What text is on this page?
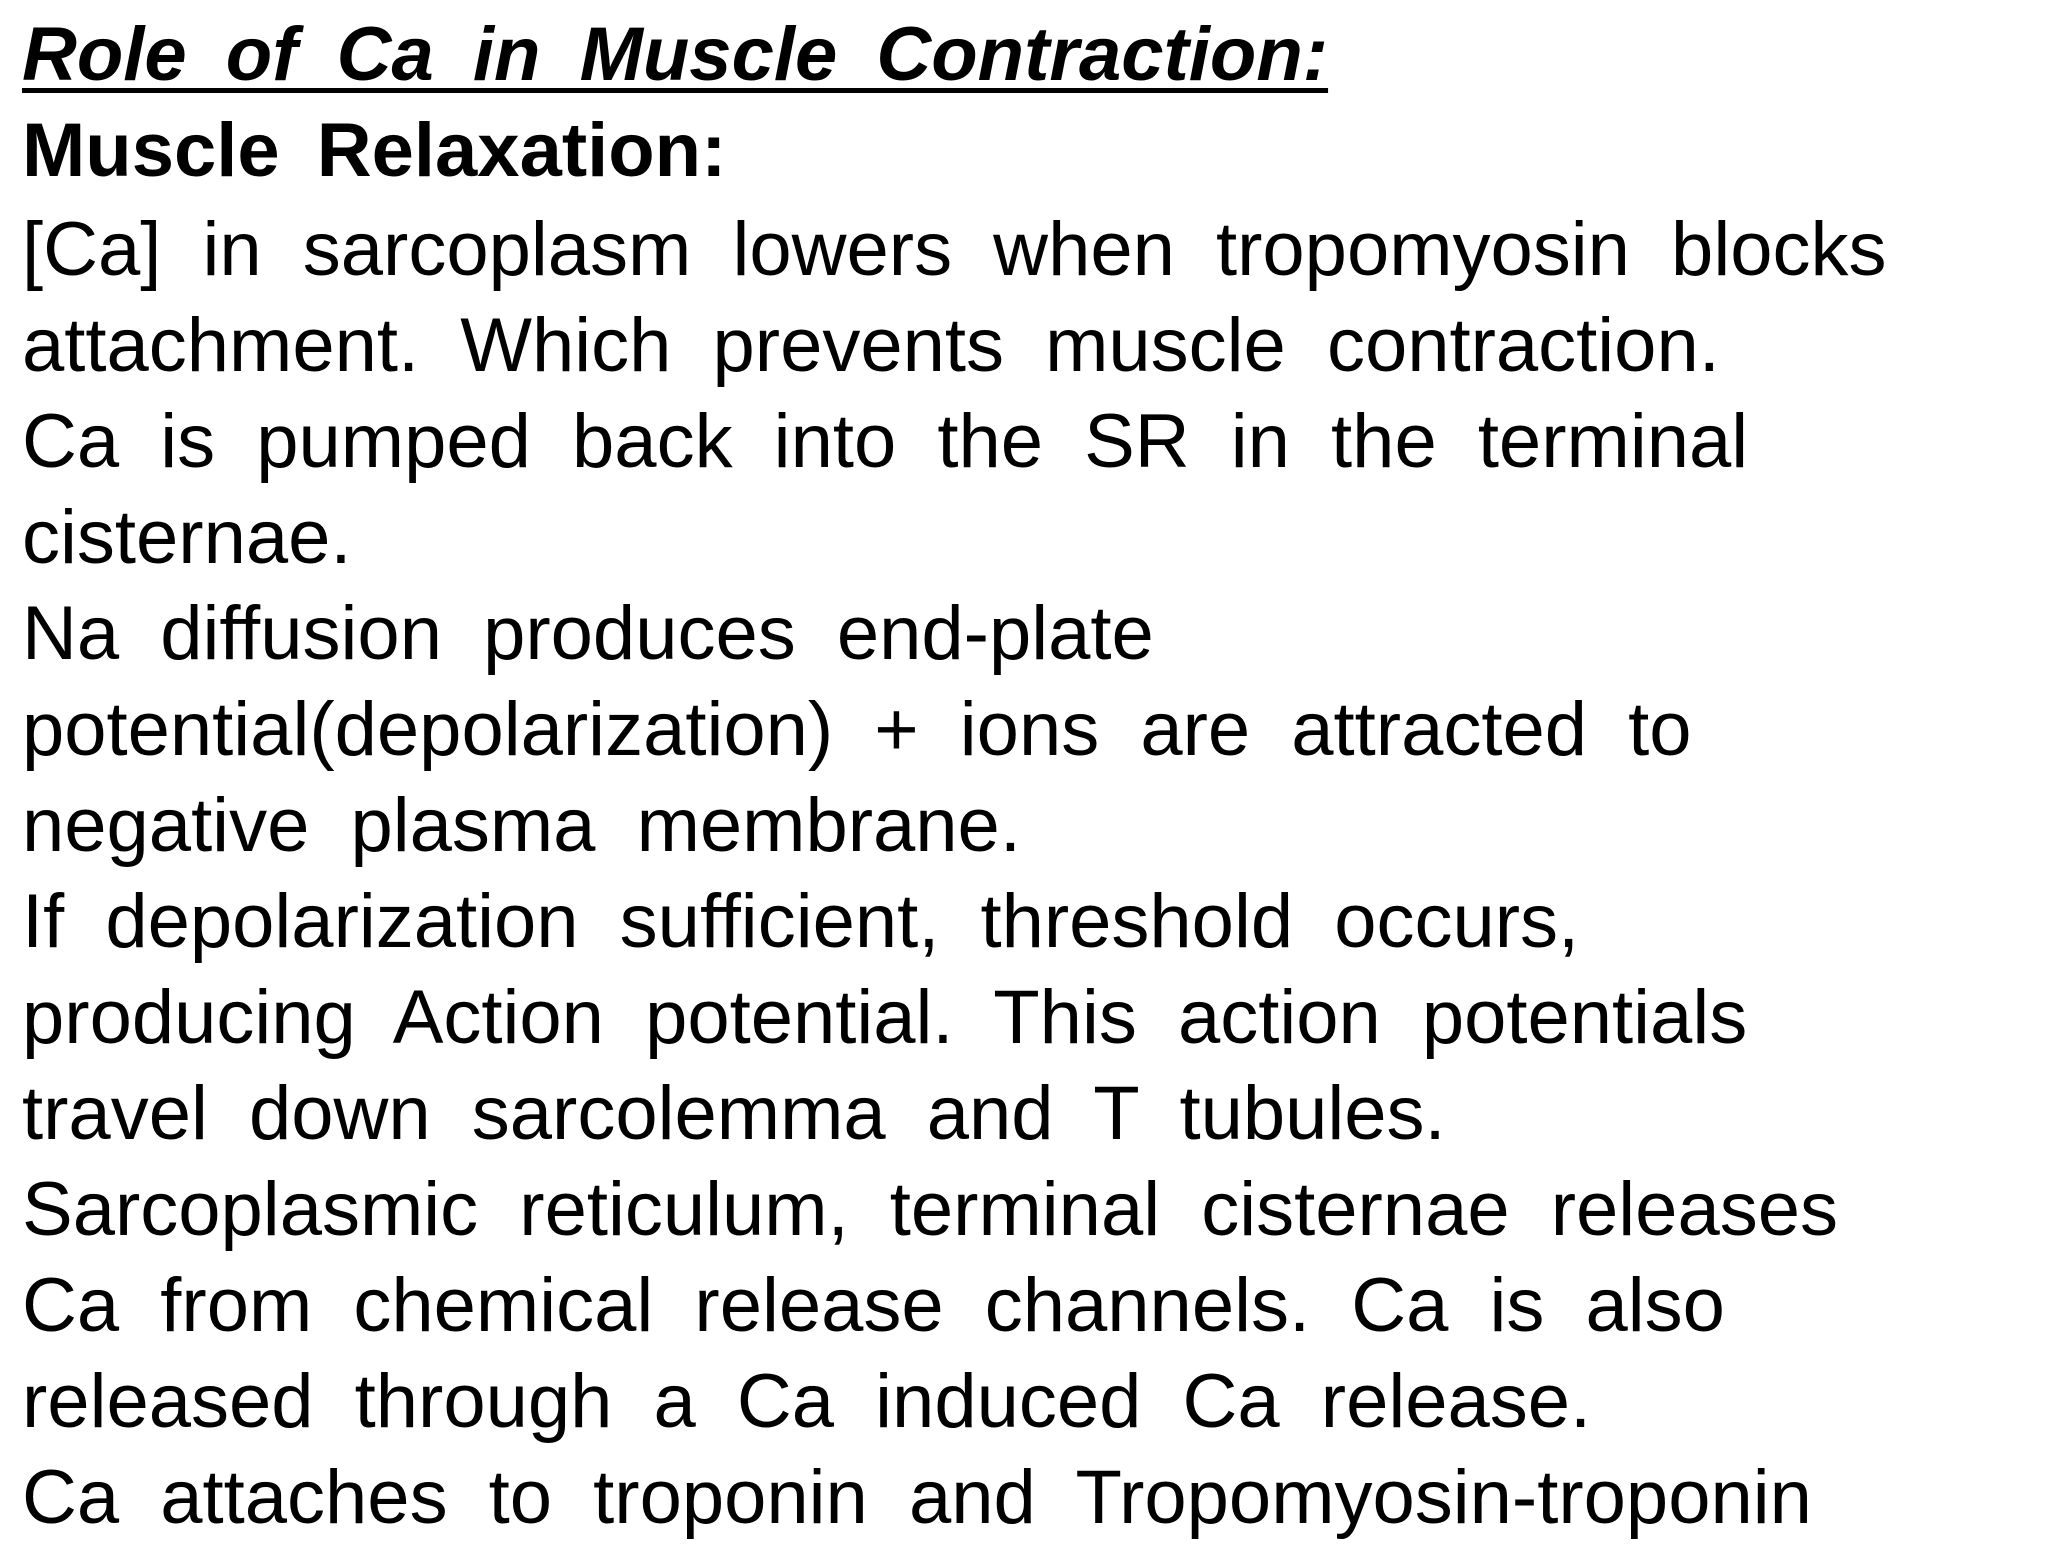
Role of Ca in Muscle Contraction:
Muscle Relaxation:
[Ca] in sarcoplasm lowers when tropomyosin blocks
attachment. Which prevents muscle contraction.
Ca is pumped back into the SR in the terminal
cisternae.
Na diffusion produces end-plate
potential(depolarization) + ions are attracted to
negative plasma membrane.
If depolarization sufficient, threshold occurs,
producing Action potential. This action potentials
travel down sarcolemma and T tubules.
Sarcoplasmic reticulum, terminal cisternae releases
Ca from chemical release channels. Ca is also
released through a Ca induced Ca release.
Ca attaches to troponin and Tropomyosin-troponin
